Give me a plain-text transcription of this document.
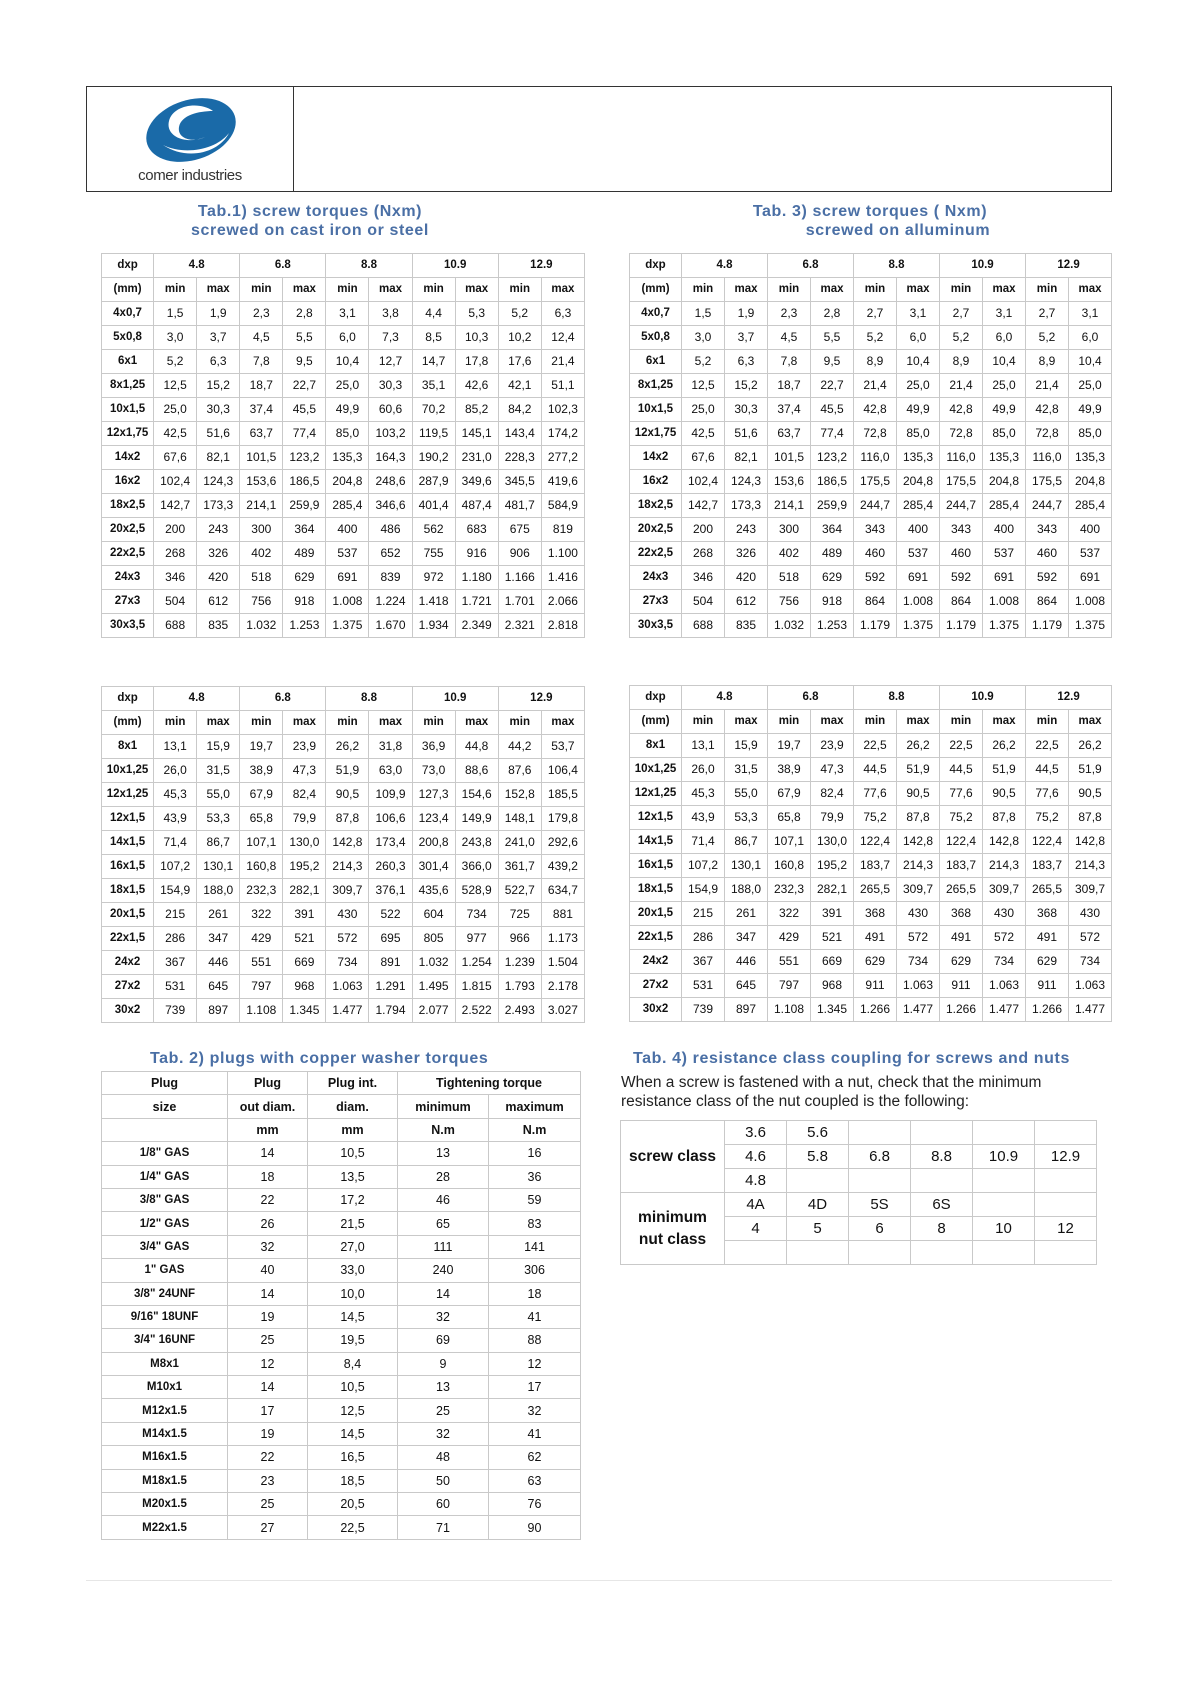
comer industries
Tab.1) screw torques (Nxm)
screwed on cast iron or steel
Tab. 3) screw torques ( Nxm)
screwed on alluminum
dxp	4.8		6.8		8.8		10.9		12.9	
(mm)	min	max	min	max	min	max	min	max	min	max
4x0,7	1,5	1,9	2,3	2,8	3,1	3,8	4,4	5,3	5,2	6,3
5x0,8	3,0	3,7	4,5	5,5	6,0	7,3	8,5	10,3	10,2	12,4
6x1	5,2	6,3	7,8	9,5	10,4	12,7	14,7	17,8	17,6	21,4
8x1,25	12,5	15,2	18,7	22,7	25,0	30,3	35,1	42,6	42,1	51,1
10x1,5	25,0	30,3	37,4	45,5	49,9	60,6	70,2	85,2	84,2	102,3
12x1,75	42,5	51,6	63,7	77,4	85,0	103,2	119,5	145,1	143,4	174,2
14x2	67,6	82,1	101,5	123,2	135,3	164,3	190,2	231,0	228,3	277,2
16x2	102,4	124,3	153,6	186,5	204,8	248,6	287,9	349,6	345,5	419,6
18x2,5	142,7	173,3	214,1	259,9	285,4	346,6	401,4	487,4	481,7	584,9
20x2,5	200	243	300	364	400	486	562	683	675	819
22x2,5	268	326	402	489	537	652	755	916	906	1.100
24x3	346	420	518	629	691	839	972	1.180	1.166	1.416
27x3	504	612	756	918	1.008	1.224	1.418	1.721	1.701	2.066
30x3,5	688	835	1.032	1.253	1.375	1.670	1.934	2.349	2.321	2.818
dxp	4.8		6.8		8.8		10.9		12.9	
(mm)	min	max	min	max	min	max	min	max	min	max
4x0,7	1,5	1,9	2,3	2,8	2,7	3,1	2,7	3,1	2,7	3,1
5x0,8	3,0	3,7	4,5	5,5	5,2	6,0	5,2	6,0	5,2	6,0
6x1	5,2	6,3	7,8	9,5	8,9	10,4	8,9	10,4	8,9	10,4
8x1,25	12,5	15,2	18,7	22,7	21,4	25,0	21,4	25,0	21,4	25,0
10x1,5	25,0	30,3	37,4	45,5	42,8	49,9	42,8	49,9	42,8	49,9
12x1,75	42,5	51,6	63,7	77,4	72,8	85,0	72,8	85,0	72,8	85,0
14x2	67,6	82,1	101,5	123,2	116,0	135,3	116,0	135,3	116,0	135,3
16x2	102,4	124,3	153,6	186,5	175,5	204,8	175,5	204,8	175,5	204,8
18x2,5	142,7	173,3	214,1	259,9	244,7	285,4	244,7	285,4	244,7	285,4
20x2,5	200	243	300	364	343	400	343	400	343	400
22x2,5	268	326	402	489	460	537	460	537	460	537
24x3	346	420	518	629	592	691	592	691	592	691
27x3	504	612	756	918	864	1.008	864	1.008	864	1.008
30x3,5	688	835	1.032	1.253	1.179	1.375	1.179	1.375	1.179	1.375
dxp	4.8		6.8		8.8		10.9		12.9	
(mm)	min	max	min	max	min	max	min	max	min	max
8x1	13,1	15,9	19,7	23,9	26,2	31,8	36,9	44,8	44,2	53,7
10x1,25	26,0	31,5	38,9	47,3	51,9	63,0	73,0	88,6	87,6	106,4
12x1,25	45,3	55,0	67,9	82,4	90,5	109,9	127,3	154,6	152,8	185,5
12x1,5	43,9	53,3	65,8	79,9	87,8	106,6	123,4	149,9	148,1	179,8
14x1,5	71,4	86,7	107,1	130,0	142,8	173,4	200,8	243,8	241,0	292,6
16x1,5	107,2	130,1	160,8	195,2	214,3	260,3	301,4	366,0	361,7	439,2
18x1,5	154,9	188,0	232,3	282,1	309,7	376,1	435,6	528,9	522,7	634,7
20x1,5	215	261	322	391	430	522	604	734	725	881
22x1,5	286	347	429	521	572	695	805	977	966	1.173
24x2	367	446	551	669	734	891	1.032	1.254	1.239	1.504
27x2	531	645	797	968	1.063	1.291	1.495	1.815	1.793	2.178
30x2	739	897	1.108	1.345	1.477	1.794	2.077	2.522	2.493	3.027
dxp	4.8		6.8		8.8		10.9		12.9	
(mm)	min	max	min	max	min	max	min	max	min	max
8x1	13,1	15,9	19,7	23,9	22,5	26,2	22,5	26,2	22,5	26,2
10x1,25	26,0	31,5	38,9	47,3	44,5	51,9	44,5	51,9	44,5	51,9
12x1,25	45,3	55,0	67,9	82,4	77,6	90,5	77,6	90,5	77,6	90,5
12x1,5	43,9	53,3	65,8	79,9	75,2	87,8	75,2	87,8	75,2	87,8
14x1,5	71,4	86,7	107,1	130,0	122,4	142,8	122,4	142,8	122,4	142,8
16x1,5	107,2	130,1	160,8	195,2	183,7	214,3	183,7	214,3	183,7	214,3
18x1,5	154,9	188,0	232,3	282,1	265,5	309,7	265,5	309,7	265,5	309,7
20x1,5	215	261	322	391	368	430	368	430	368	430
22x1,5	286	347	429	521	491	572	491	572	491	572
24x2	367	446	551	669	629	734	629	734	629	734
27x2	531	645	797	968	911	1.063	911	1.063	911	1.063
30x2	739	897	1.108	1.345	1.266	1.477	1.266	1.477	1.266	1.477
Tab. 2) plugs with copper washer torques	Tab. 4) resistance class coupling for screws and nuts
Plug	Plug	Plug int.	Tightening torque	
size	out diam.	diam.	minimum	maximum
	mm	mm	N.m	N.m
1/8" GAS	14	10,5	13	16
1/4" GAS	18	13,5	28	36
3/8" GAS	22	17,2	46	59
1/2" GAS	26	21,5	65	83
3/4" GAS	32	27,0	111	141
1" GAS	40	33,0	240	306
3/8" 24UNF	14	10,0	14	18
9/16" 18UNF	19	14,5	32	41
3/4" 16UNF	25	19,5	69	88
M8x1	12	8,4	9	12
M10x1	14	10,5	13	17
M12x1.5	17	12,5	25	32
M14x1.5	19	14,5	32	41
M16x1.5	22	16,5	48	62
M18x1.5	23	18,5	50	63
M20x1.5	25	20,5	60	76
M22x1.5	27	22,5	71	90
When a screw is fastened with a nut, check that the minimum
resistance class of the nut coupled is the following:
screw class	3.6	5.6				
	4.6	5.8	6.8	8.8	10.9	12.9
	4.8					

minimum
nut class	4A	4D	5S	6S		
	4	5	6	8	10	12
